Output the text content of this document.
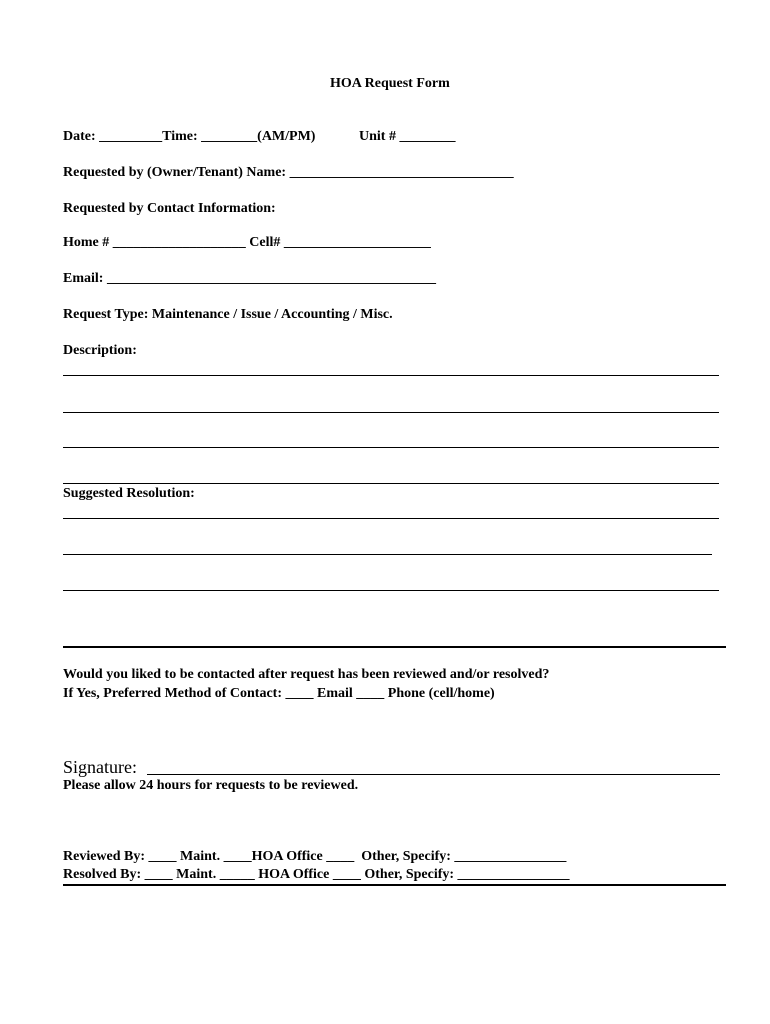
HOA Request Form
Date: _________Time: ________(AM/PM)	Unit # ________
Requested by (Owner/Tenant) Name: ________________________________
Requested by Contact Information:
Home # ___________________ Cell# _____________________
Email: _______________________________________________
Request Type: Maintenance / Issue / Accounting / Misc.
Description:
Suggested Resolution:
Would you liked to be contacted after request has been reviewed and/or resolved?
If Yes, Preferred Method of Contact: ____ Email ____ Phone (cell/home)
Signature:
Please allow 24 hours for requests to be reviewed.
Reviewed By: ____ Maint. ____HOA Office ____  Other, Specify: ________________
Resolved By: ____ Maint. _____ HOA Office ____ Other, Specify: ________________
